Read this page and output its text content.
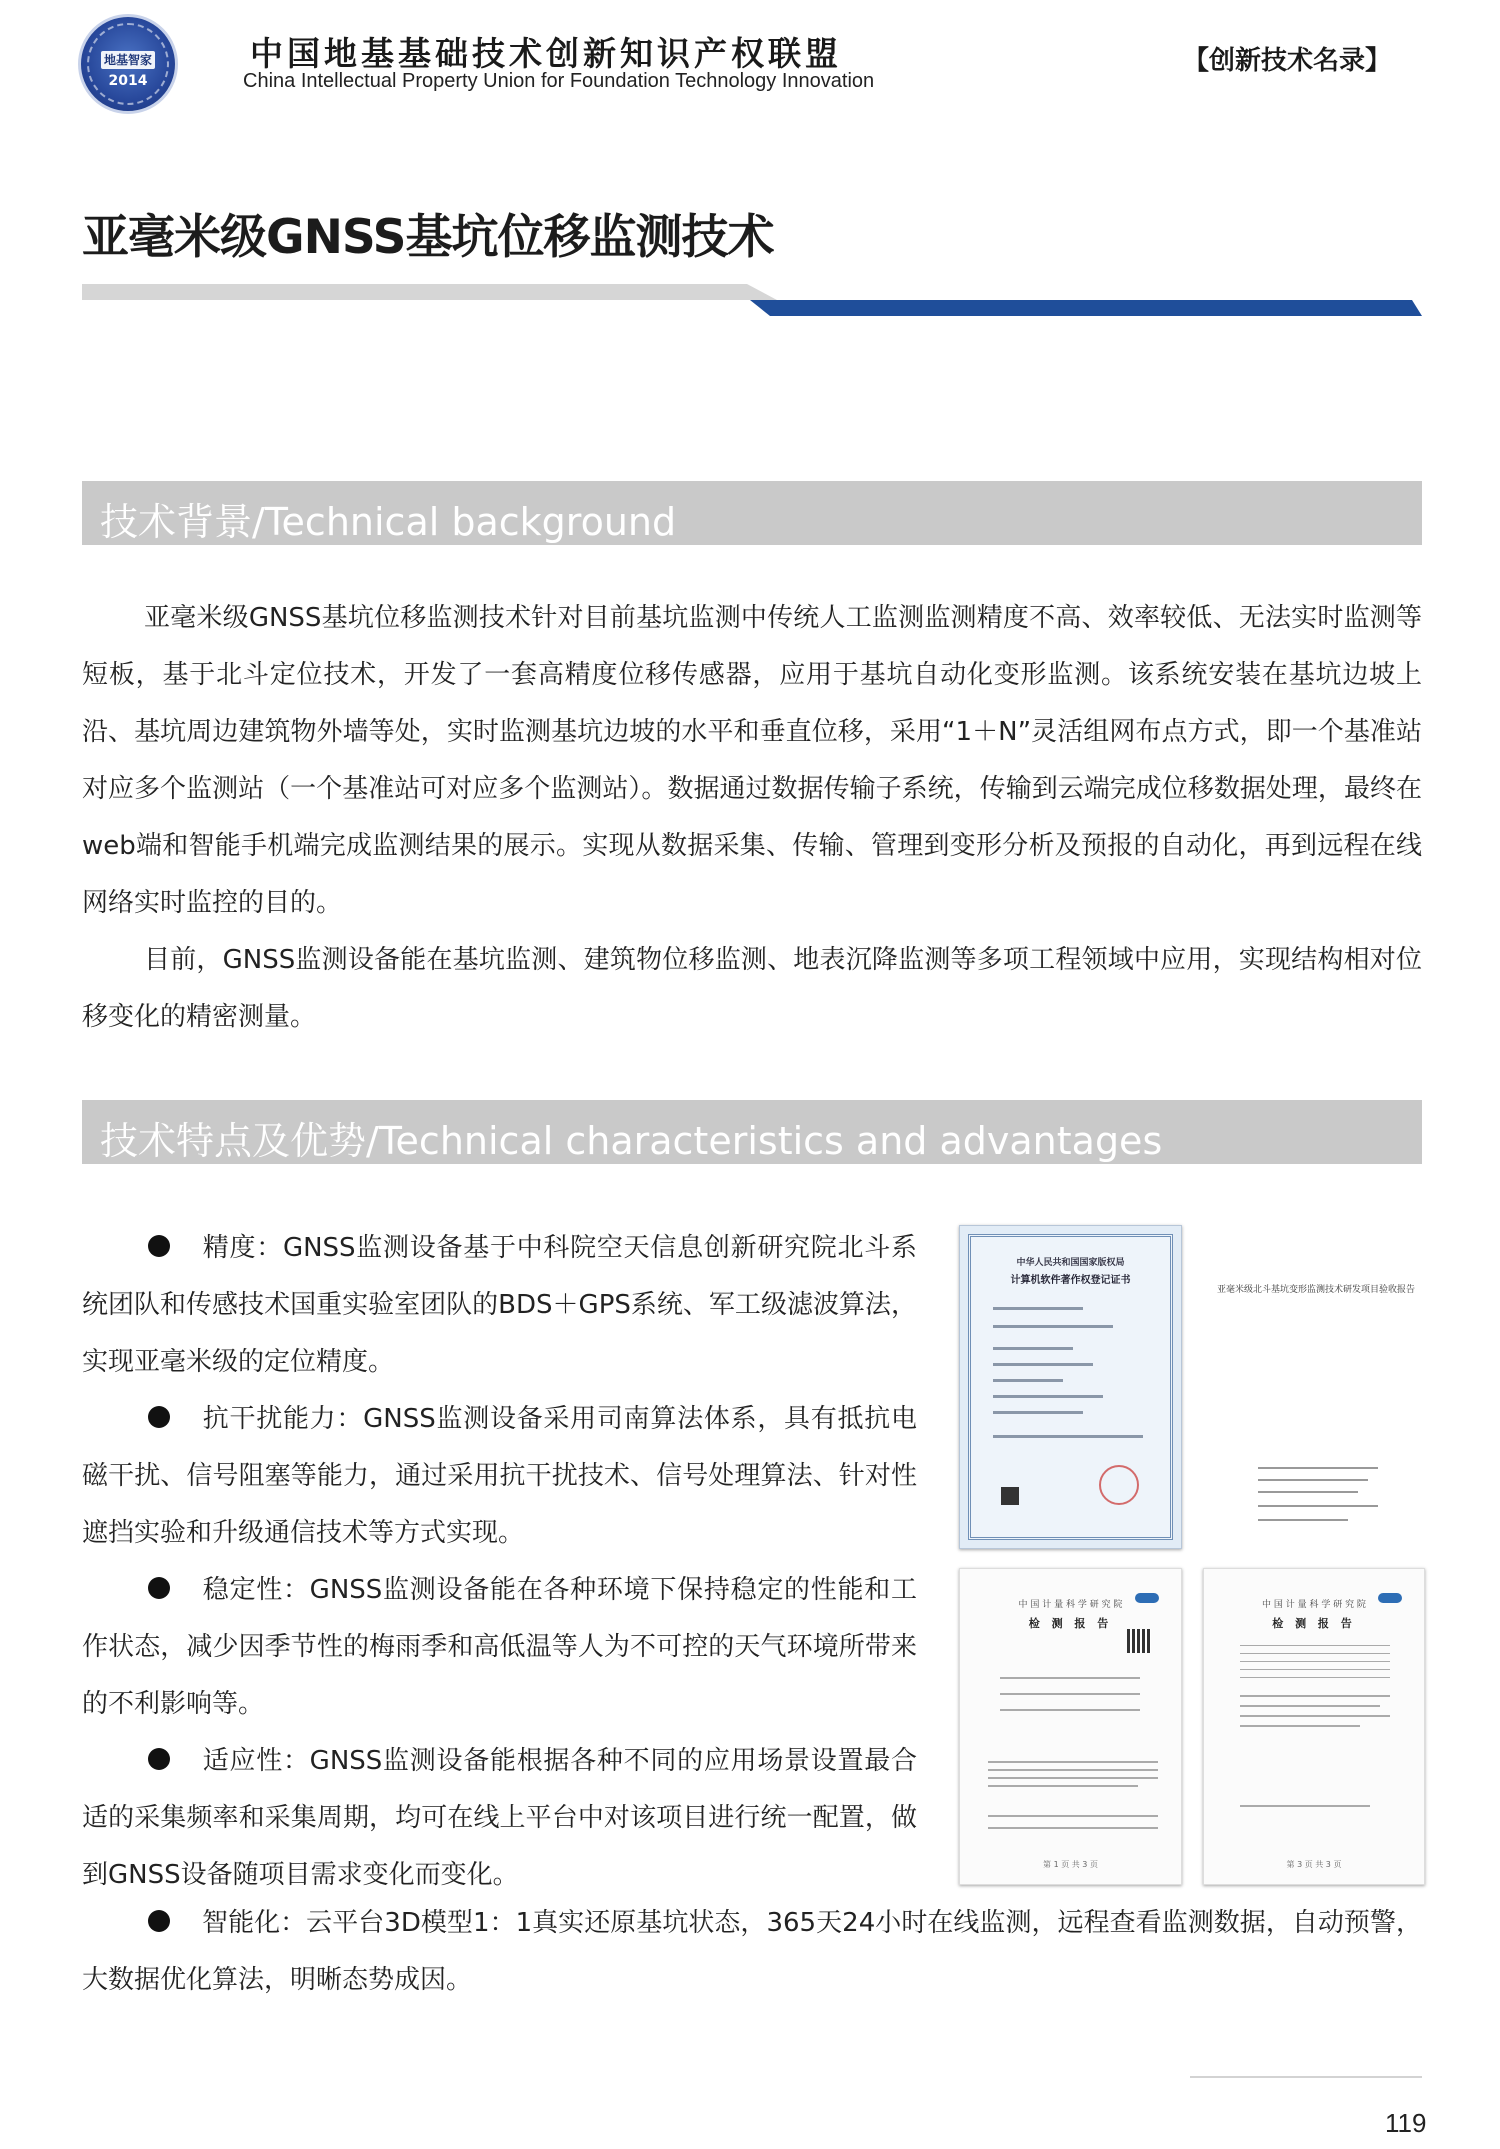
地基智家
2014
中国地基基础技术创新知识产权联盟
China Intellectual Property Union for Foundation Technology Innovation
【创新技术名录】
亚毫米级GNSS基坑位移监测技术
技术背景/Technical background

亚毫米级GNSS基坑位移监测技术针对目前基坑监测中传统人工监测监测精度不高、效率较低、无法实时监测等短板，基于北斗定位技术，开发了一套高精度位移传感器，应用于基坑自动化变形监测。该系统安装在基坑边坡上沿、基坑周边建筑物外墙等处，实时监测基坑边坡的水平和垂直位移，采用“1＋N”灵活组网布点方式，即一个基准站对应多个监测站（一个基准站可对应多个监测站）。数据通过数据传输子系统，传输到云端完成位移数据处理，最终在web端和智能手机端完成监测结果的展示。实现从数据采集、传输、管理到变形分析及预报的自动化，再到远程在线网络实时监控的目的。

目前，GNSS监测设备能在基坑监测、建筑物位移监测、地表沉降监测等多项工程领域中应用，实现结构相对位移变化的精密测量。

技术特点及优势/Technical characteristics and advantages

精度：GNSS监测设备基于中科院空天信息创新研究院北斗系统团队和传感技术国重实验室团队的BDS＋GPS系统、军工级滤波算法，实现亚毫米级的定位精度。

抗干扰能力：GNSS监测设备采用司南算法体系，具有抵抗电磁干扰、信号阻塞等能力，通过采用抗干扰技术、信号处理算法、针对性遮挡实验和升级通信技术等方式实现。

稳定性：GNSS监测设备能在各种环境下保持稳定的性能和工作状态，减少因季节性的梅雨季和高低温等人为不可控的天气环境所带来的不利影响等。

适应性：GNSS监测设备能根据各种不同的应用场景设置最合适的采集频率和采集周期，均可在线上平台中对该项目进行统一配置，做到GNSS设备随项目需求变化而变化。

智能化：云平台3D模型1：1真实还原基坑状态，365天24小时在线监测，远程查看监测数据，自动预警，大数据优化算法，明晰态势成因。

中华人民共和国国家版权局
计算机软件著作权登记证书
亚毫米级北斗基坑变形监测技术研发项目验收报告
中 国 计 量 科 学 研 究 院
检 测 报 告
第 1 页 共 3 页
中 国 计 量 科 学 研 究 院
检 测 报 告
第 3 页 共 3 页
119
